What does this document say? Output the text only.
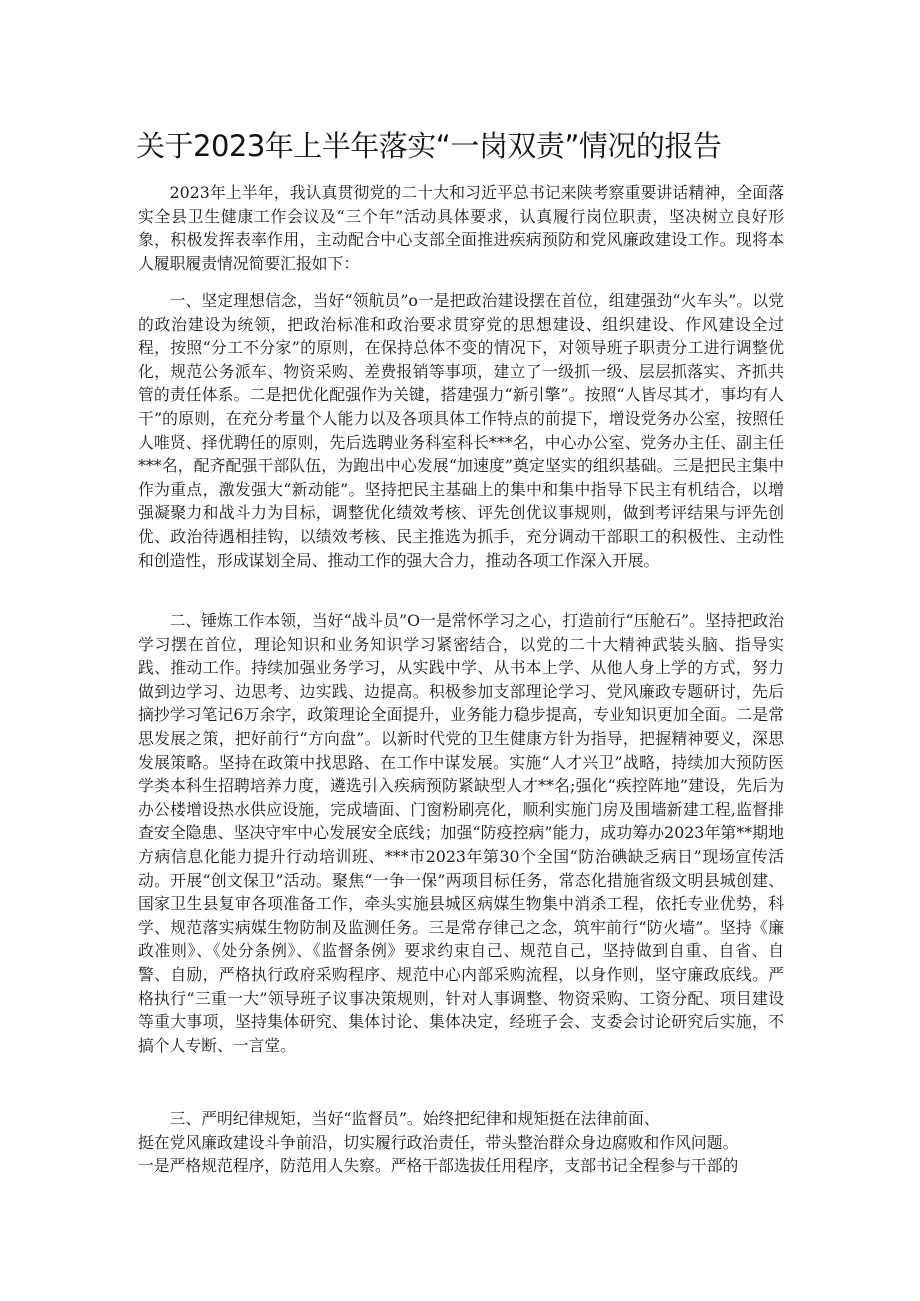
关于2023年上半年落实“一岗双责”情况的报告

2023年上半年，我认真贯彻党的二十大和习近平总书记来陕考察重要讲话精神，全面落实全县卫生健康工作会议及“三个年”活动具体要求，认真履行岗位职责，坚决树立良好形象，积极发挥表率作用，主动配合中心支部全面推进疾病预防和党风廉政建设工作。现将本人履职履责情况简要汇报如下：

一、坚定理想信念，当好“领航员”o一是把政治建设摆在首位，组建强劲“火车头”。以党的政治建设为统领，把政治标准和政治要求贯穿党的思想建设、组织建设、作风建设全过程，按照“分工不分家”的原则，在保持总体不变的情况下，对领导班子职责分工进行调整优化，规范公务派车、物资采购、差费报销等事项，建立了一级抓一级、层层抓落实、齐抓共管的责任体系。二是把优化配强作为关键，搭建强力“新引擎”。按照“人皆尽其才，事均有人干”的原则，在充分考量个人能力以及各项具体工作特点的前提下，增设党务办公室，按照任人唯贤、择优聘任的原则，先后选聘业务科室科长***名，中心办公室、党务办主任、副主任***名，配齐配强干部队伍，为跑出中心发展“加速度”奠定坚实的组织基础。三是把民主集中作为重点，激发强大“新动能”。坚持把民主基础上的集中和集中指导下民主有机结合，以增强凝聚力和战斗力为目标，调整优化绩效考核、评先创优议事规则，做到考评结果与评先创优、政治待遇相挂钩，以绩效考核、民主推选为抓手，充分调动干部职工的积极性、主动性和创造性，形成谋划全局、推动工作的强大合力，推动各项工作深入开展。

二、锤炼工作本领，当好“战斗员”O一是常怀学习之心，打造前行“压舱石”。坚持把政治学习摆在首位，理论知识和业务知识学习紧密结合，以党的二十大精神武装头脑、指导实践、推动工作。持续加强业务学习，从实践中学、从书本上学、从他人身上学的方式，努力做到边学习、边思考、边实践、边提高。积极参加支部理论学习、党风廉政专题研讨，先后摘抄学习笔记6万余字，政策理论全面提升，业务能力稳步提高，专业知识更加全面。二是常思发展之策，把好前行“方向盘”。以新时代党的卫生健康方针为指导，把握精神要义，深思发展策略。坚持在政策中找思路、在工作中谋发展。实施“人才兴卫”战略，持续加大预防医学类本科生招聘培养力度，遴选引入疾病预防紧缺型人才**名;强化“疾控阵地”建设，先后为办公楼增设热水供应设施，完成墙面、门窗粉刷亮化，顺利实施门房及围墙新建工程,监督排查安全隐患、坚决守牢中心发展安全底线；加强“防疫控病”能力，成功筹办2023年第**期地方病信息化能力提升行动培训班、***市2023年第30个全国“防治碘缺乏病日”现场宣传活动。开展“创文保卫”活动。聚焦“一争一保”两项目标任务，常态化措施省级文明县城创建、国家卫生县复审各项准备工作，牵头实施县城区病媒生物集中消杀工程，依托专业优势，科学、规范落实病媒生物防制及监测任务。三是常存律己之念，筑牢前行“防火墙”。坚持《廉政准则》、《处分条例》、《监督条例》要求约束自己、规范自己，坚持做到自重、自省、自警、自励，严格执行政府采购程序、规范中心内部采购流程，以身作则，坚守廉政底线。严格执行“三重一大”领导班子议事决策规则，针对人事调整、物资采购、工资分配、项目建设等重大事项，坚持集体研究、集体讨论、集体决定，经班子会、支委会讨论研究后实施，不搞个人专断、一言堂。

三、严明纪律规矩，当好“监督员”。始终把纪律和规矩挺在法律前面、
挺在党风廉政建设斗争前沿，切实履行政治责任，带头整治群众身边腐败和作风问题。
一是严格规范程序，防范用人失察。严格干部选拔任用程序，支部书记全程参与干部的
